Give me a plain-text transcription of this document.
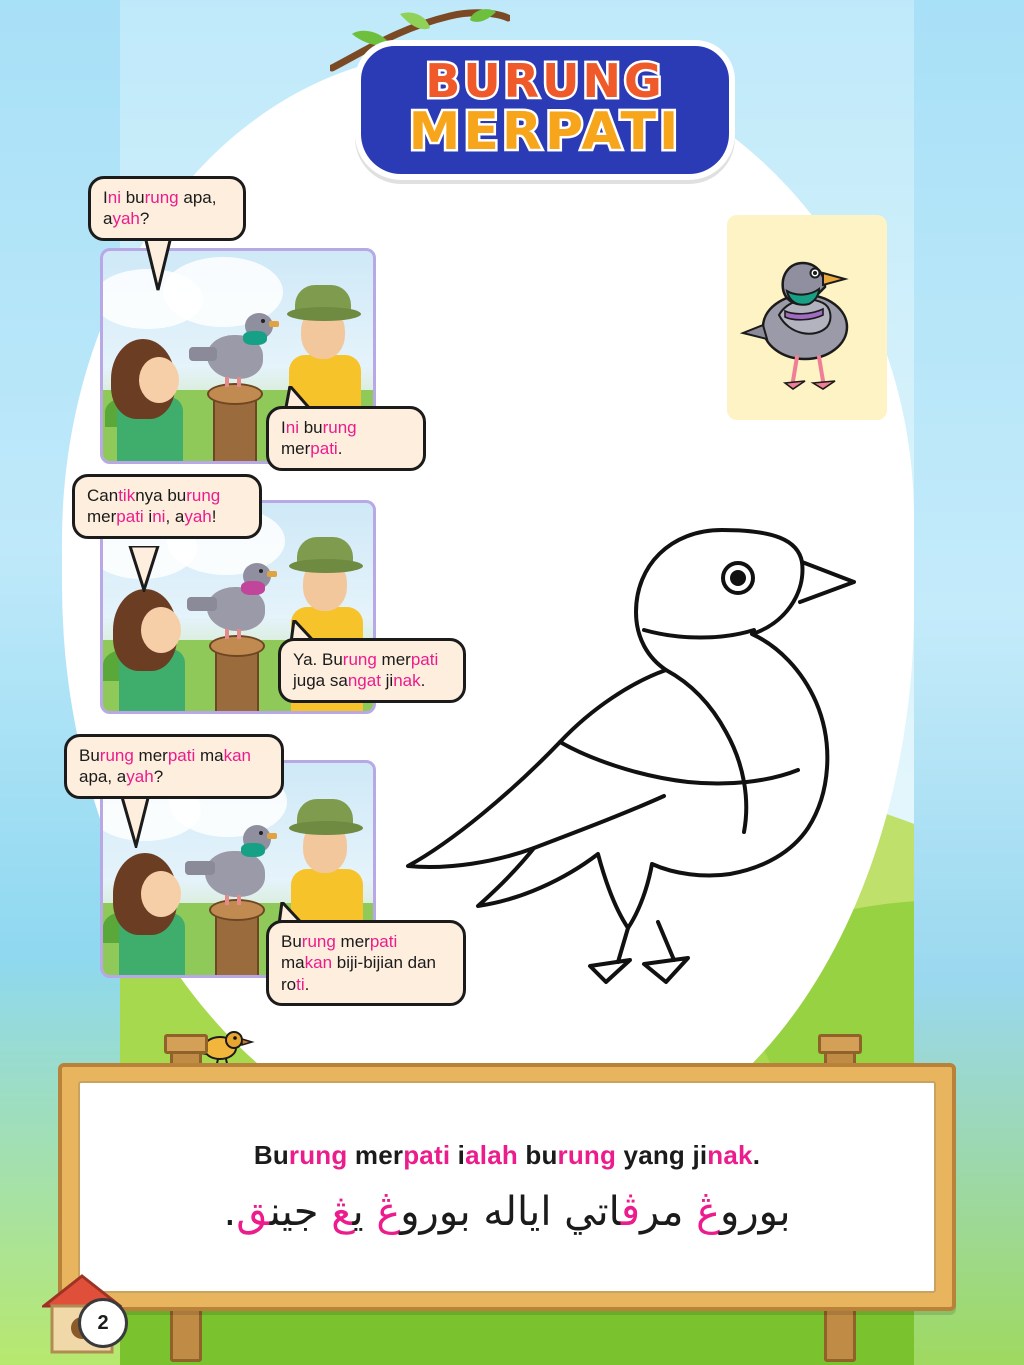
BURUNG
MERPATI
Ini burung apa, ayah?
Ini burung merpati.
Cantiknya burung merpati ini, ayah!
Ya. Burung merpati juga sangat jinak.
Burung merpati makan apa, ayah?
Burung merpati makan biji-bijian dan roti.
Burung merpati ialah burung yang jinak.
بوروڠ مرڤاتي اياله بوروڠ يڠ جينق.
2
